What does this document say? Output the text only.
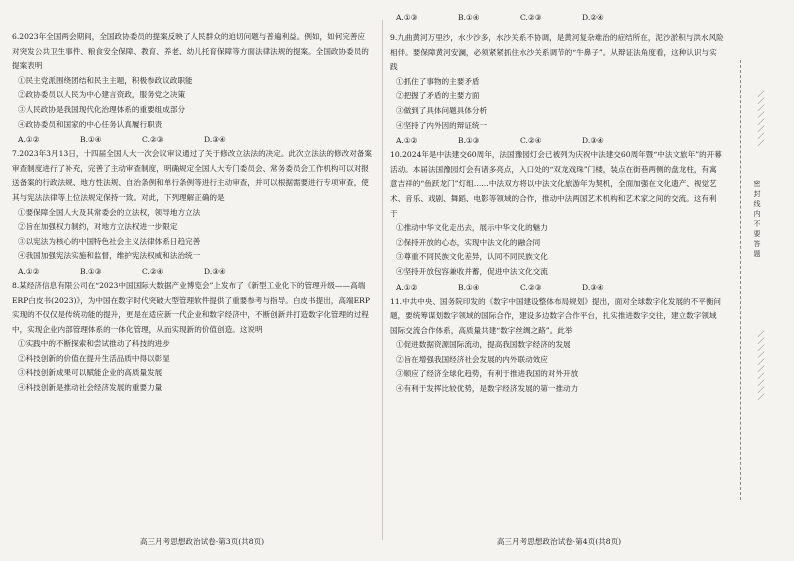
6.2023年全国两会期间，全国政协委员的提案反映了人民群众的迫切问题与普遍利益。例如，如何完善应对突发公共卫生事件、粮食安全保障、教育、养老、幼儿托育保障等方面法律法规的提案。全国政协委员的提案表明

①民主党派围绕团结和民主主题，积极参政议政职能
②政协委员以人民为中心建言资政，服务党之决策
③人民政协是我国现代化治理体系的重要组成部分
④政协委员和国家的中心任务认真履行职责
A.①②	B.①④	C.②③	D.③④

7.2023年3月13日，十四届全国人大一次会议审议通过了关于修改立法法的决定。此次立法法的修改对备案审查制度进行了补充，完善了主动审查制度，明确规定全国人大专门委员会、常务委员会工作机构可以对报送备案的行政法规、地方性法规、自治条例和单行条例等进行主动审查，并可以根据需要进行专项审查，使其与宪法法律等上位法规定保持一致。对此，下列理解正确的是

①要保障全国人大及其常委会的立法权，领导地方立法
②旨在加强权力制约，对地方立法权进一步限定
③以宪法为核心的中国特色社会主义法律体系日趋完善
④我国加强宪法实施和监督，维护宪法权威和法治统一
A.①②	B.①③	C.②④	D.③④

8.某经济信息有限公司在“2023中国国际大数据产业博览会”上发布了《新型工业化下的管理升级——高端ERP白皮书(2023)》，为中国在数字时代突破大型管理软件提供了重要参考与指导。白皮书提出，高端ERP实现的不仅仅是传统功能的提升，更是在适应新一代企业和数字经济中，不断创新并打造数字化管理的过程中，实现企业内部管理体系的一体化管理，从而实现新的价值创造。这说明

①实践中的不断探索和尝试推动了科技的进步
②科技创新的价值在提升生活品质中得以彰显
③科技创新成果可以赋能企业的高质量发展
④科技创新是推动社会经济发展的重要力量
高三月考思想政治试卷·第3页(共8页)
A.①③	B.①④	C.②③	D.②④

9.九曲黄河万里沙，水少沙多，水沙关系不协调，是黄河复杂难治的症结所在，泥沙淤积与洪水风险相伴。要保障黄河安澜，必须紧紧抓住水沙关系调节的“牛鼻子”。从辩证法角度看，这种认识与实践

①抓住了事物的主要矛盾
②把握了矛盾的主要方面
③做到了具体问题具体分析
④坚持了内外因的辩证统一
A.①②	B.①③	C.②④	D.③④

10.2024年是中法建交60周年，法国豫园灯会已被列为庆祝中法建交60周年暨“中法文旅年”的开幕活动。本届法国豫园灯会有诸多亮点，入口处的“双龙戏珠”门楼，装点在街巷两侧的盘龙柱，有寓意吉祥的“鱼跃龙门”灯组……中法双方将以中法文化旅游年为契机，全面加强在文化遗产、视觉艺术、音乐、戏剧、舞蹈、电影等领域的合作，推动中法两国艺术机构和艺术家之间的交流。这有利于

①推动中华文化走出去，展示中华文化的魅力
②保持开放的心态，实现中法文化的融合同
③尊重不同民族文化差异，认同不同民族文化
④坚持开放包容兼收并蓄，促进中法文化交流
A.①②	B.①④	C.②③	D.③④

11.中共中央、国务院印发的《数字中国建设整体布局规划》提出，面对全球数字化发展的不平衡问题，要统筹谋划数字领域的国际合作，建设多边数字合作平台，扎实推进数字交往，建立数字领域国际交流合作体系，高质量共建“数字丝绸之路”。此举

①促进数据资源国际流动，提高我国数字经济的发展
②旨在增强我国经济社会发展的内外联动效应
③顺应了经济全球化趋势，有利于推进我国的对外开放
④有利于发挥比较优势，是数字经济发展的第一推动力
高三月考思想政治试卷·第4页(共8页)
／／／／／／／／
密封线内不要答题
／／／／／／／／／／
